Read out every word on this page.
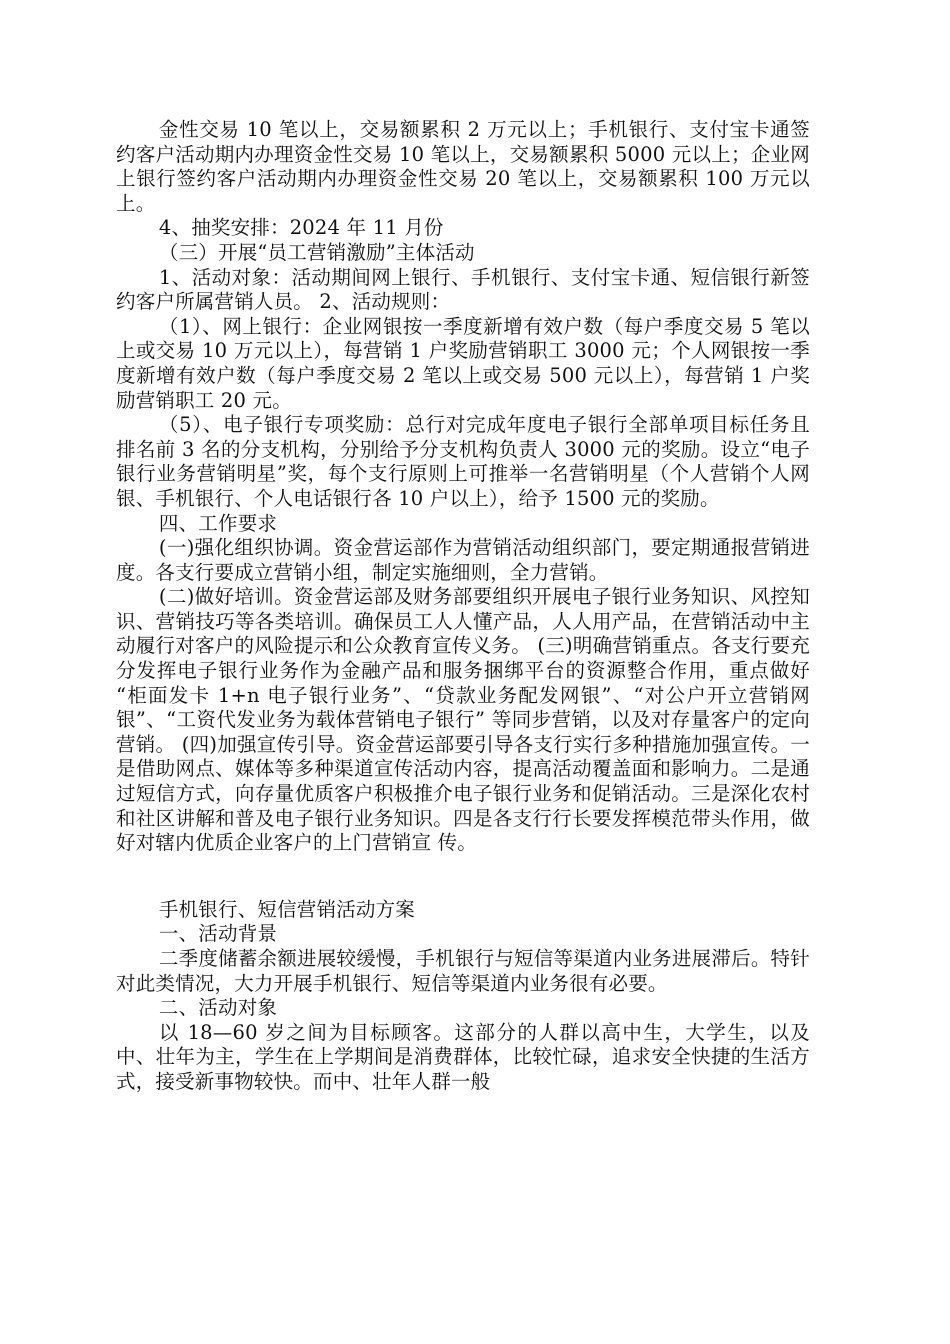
金性交易 10 笔以上，交易额累积 2 万元以上；手机银行、支付宝卡通签约客户活动期内办理资金性交易 10 笔以上，交易额累积 5000 元以上；企业网上银行签约客户活动期内办理资金性交易 20 笔以上，交易额累积 100 万元以上。

4、抽奖安排：2024 年 11 月份

（三）开展“员工营销激励”主体活动

1、活动对象：活动期间网上银行、手机银行、支付宝卡通、短信银行新签约客户所属营销人员。 2、活动规则：

（1）、网上银行：企业网银按一季度新增有效户数（每户季度交易 5 笔以上或交易 10 万元以上），每营销 1 户奖励营销职工 3000 元；个人网银按一季度新增有效户数（每户季度交易 2 笔以上或交易 500 元以上），每营销 1 户奖励营销职工 20 元。

（5）、电子银行专项奖励：总行对完成年度电子银行全部单项目标任务且排名前 3 名的分支机构，分别给予分支机构负责人 3000 元的奖励。设立“电子银行业务营销明星”奖，每个支行原则上可推举一名营销明星（个人营销个人网银、手机银行、个人电话银行各 10 户以上），给予 1500 元的奖励。

四、工作要求

(一)强化组织协调。资金营运部作为营销活动组织部门，要定期通报营销进度。各支行要成立营销小组，制定实施细则，全力营销。

(二)做好培训。资金营运部及财务部要组织开展电子银行业务知识、风控知识、营销技巧等各类培训。确保员工人人懂产品，人人用产品，在营销活动中主动履行对客户的风险提示和公众教育宣传义务。 (三)明确营销重点。各支行要充分发挥电子银行业务作为金融产品和服务捆绑平台的资源整合作用，重点做好 “柜面发卡 1+n 电子银行业务”、“贷款业务配发网银”、“对公户开立营销网银”、“工资代发业务为载体营销电子银行” 等同步营销，以及对存量客户的定向营销。 (四)加强宣传引导。资金营运部要引导各支行实行多种措施加强宣传。一是借助网点、媒体等多种渠道宣传活动内容，提高活动覆盖面和影响力。二是通过短信方式，向存量优质客户积极推介电子银行业务和促销活动。三是深化农村和社区讲解和普及电子银行业务知识。四是各支行行长要发挥模范带头作用，做好对辖内优质企业客户的上门营销宣 传。

手机银行、短信营销活动方案

一、活动背景

二季度储蓄余额进展较缓慢，手机银行与短信等渠道内业务进展滞后。特针对此类情况，大力开展手机银行、短信等渠道内业务很有必要。

二、活动对象

以 18—60 岁之间为目标顾客。这部分的人群以高中生，大学生，以及中、壮年为主，学生在上学期间是消费群体，比较忙碌，追求安全快捷的生活方式，接受新事物较快。而中、壮年人群一般
